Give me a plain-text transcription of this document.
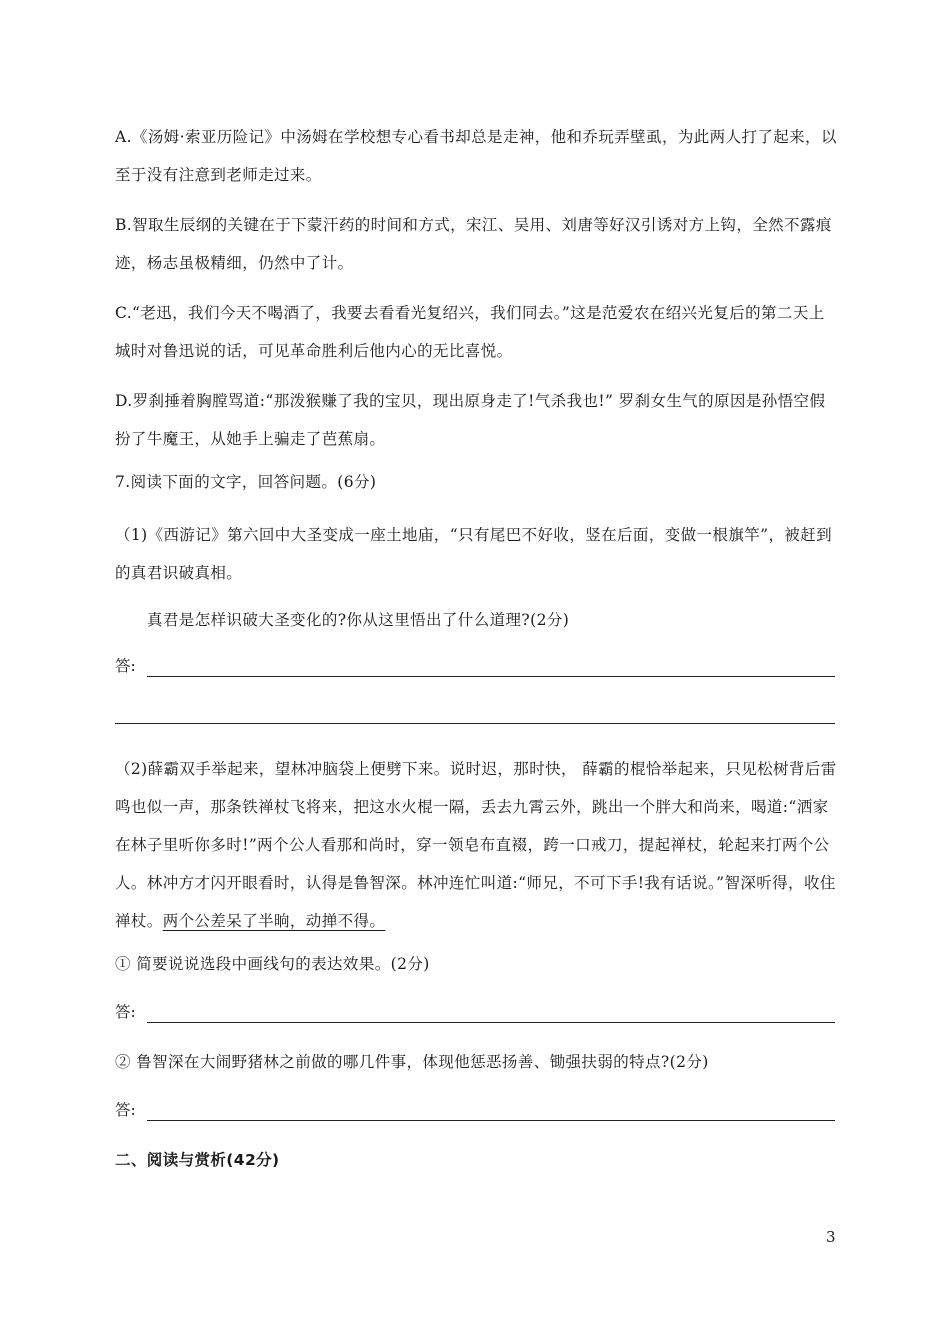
A.《汤姆·索亚历险记》中汤姆在学校想专心看书却总是走神，他和乔玩弄壁虱，为此两人打了起来，以至于没有注意到老师走过来。
B.智取生辰纲的关键在于下蒙汗药的时间和方式，宋江、吴用、刘唐等好汉引诱对方上钩，全然不露痕迹，杨志虽极精细，仍然中了计。
C.“老迅，我们今天不喝酒了，我要去看看光复绍兴，我们同去。”这是范爱农在绍兴光复后的第二天上城时对鲁迅说的话，可见革命胜利后他内心的无比喜悦。
D.罗刹捶着胸膛骂道:“那泼猴赚了我的宝贝，现出原身走了!气杀我也!” 罗刹女生气的原因是孙悟空假扮了牛魔王，从她手上骗走了芭蕉扇。
7.阅读下面的文字，回答问题。(6分)
（1)《西游记》第六回中大圣变成一座土地庙，“只有尾巴不好收，竖在后面，变做一根旗竿”，被赶到的真君识破真相。
真君是怎样识破大圣变化的?你从这里悟出了什么道理?(2分)
答:
（2)薛霸双手举起来，望林冲脑袋上便劈下来。说时迟，那时快， 薛霸的棍恰举起来，只见松树背后雷鸣也似一声，那条铁禅杖飞将来，把这水火棍一隔，丢去九霄云外，跳出一个胖大和尚来，喝道:“洒家在林子里听你多时!”两个公人看那和尚时，穿一领皂布直裰，跨一口戒刀，提起禅杖，轮起来打两个公人。林冲方才闪开眼看时，认得是鲁智深。林冲连忙叫道:“师兄，不可下手!我有话说。”智深听得，收住禅杖。两个公差呆了半晌，动掸不得。
① 简要说说选段中画线句的表达效果。(2分)
答:
② 鲁智深在大闹野猪林之前做的哪几件事，体现他惩恶扬善、锄强扶弱的特点?(2分)
答:
二、阅读与赏析(42分)
3
